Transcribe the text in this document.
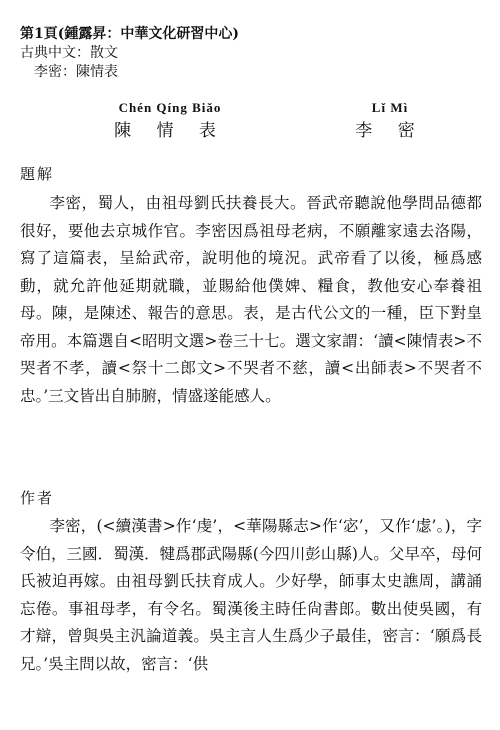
第1頁(鍾露昇：中華文化研習中心)
古典中文：散文
李密：陳情表
Chén Qíng Biǎo
陳 情 表
Lǐ Mì
李 密
題解
李密，蜀人，由祖母劉氏扶養長大。晉武帝聽說他學問品德都很好，要他去京城作官。李密因爲祖母老病，不願離家遠去洛陽，寫了這篇表，呈給武帝，說明他的境況。武帝看了以後，極爲感動，就允許他延期就職，並賜給他僕婢、糧食，教他安心奉養祖母。陳，是陳述、報告的意思。表，是古代公文的一種，臣下對皇帝用。本篇選自<昭明文選>卷三十七。選文家謂：‘讀<陳情表>不哭者不孝，讀<祭十二郎文>不哭者不慈，讀<出師表>不哭者不忠。’三文皆出自肺腑，情盛遂能感人。
作者
李密，(<續漢書>作‘虔’，<華陽縣志>作‘宓’，又作‘虙’。)，字令伯，三國．蜀漢．犍爲郡武陽縣(今四川彭山縣)人。父早卒，母何氏被迫再嫁。由祖母劉氏扶育成人。少好學，師事太史譙周，講誦忘倦。事祖母孝，有令名。蜀漢後主時任尙書郎。數出使吳國，有才辯，曾與吳主汎論道義。吳主言人生爲少子最佳，密言：‘願爲長兄。’吳主問以故，密言：‘供
